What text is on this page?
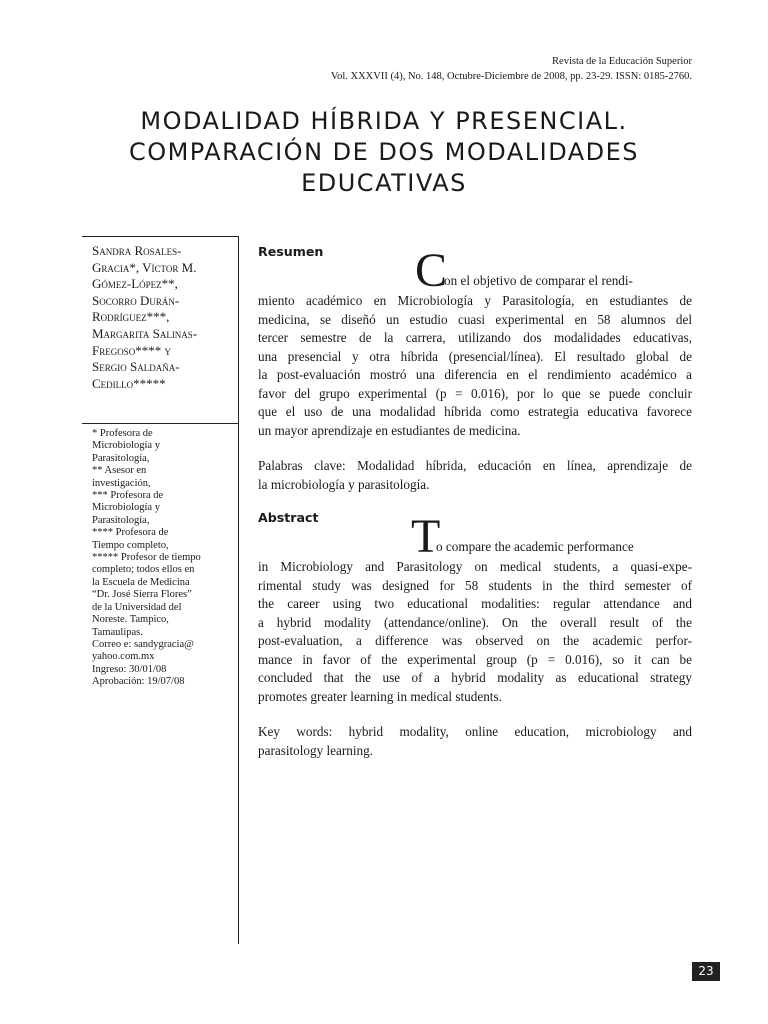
Revista de la Educación Superior
Vol. XXXVII (4), No. 148, Octubre-Diciembre de 2008, pp. 23-29. ISSN: 0185-2760.
MODALIDAD HÍBRIDA Y PRESENCIAL.
COMPARACIÓN DE DOS MODALIDADES
EDUCATIVAS
Sandra Rosales-
Gracia*, Víctor M.
Gómez-López**,
Socorro Durán-
Rodríguez***,
Margarita Salinas-
Fregoso**** y
Sergio Saldaña-
Cedillo*****
* Profesora de
Microbiología y
Parasitología,
** Asesor en
investigación,
*** Profesora de
Microbiología y
Parasitología,
**** Profesora de
Tiempo completo,
***** Profesor de tiempo
completo; todos ellos en
la Escuela de Medicina
“Dr. José Sierra Flores”
de la Universidad del
Noreste. Tampico,
Tamaulipas.
Correo e: sandygracia@
yahoo.com.mx
Ingreso: 30/01/08
Aprobación: 19/07/08
Resumen	C
on el objetivo de comparar el rendi-
miento académico en Microbiología y Parasitología, en estudiantes de
medicina, se diseñó un estudio cuasi experimental en 58 alumnos del
tercer semestre de la carrera, utilizando dos modalidades educativas,
una presencial y otra híbrida (presencial/línea). El resultado global de
la post-evaluación mostró una diferencia en el rendimiento académico a
favor del grupo experimental (p = 0.016), por lo que se puede concluir
que el uso de una modalidad híbrida como estrategia educativa favorece
un mayor aprendizaje en estudiantes de medicina.
Palabras clave: Modalidad híbrida, educación en línea, aprendizaje de
la microbiología y parasitología.
Abstract	T
o compare the academic performance
in Microbiology and Parasitology on medical students, a quasi-expe-
rimental study was designed for 58 students in the third semester of
the career using two educational modalities: regular attendance and
a hybrid modality (attendance/online). On the overall result of the
post-evaluation, a difference was observed on the academic perfor-
mance in favor of the experimental group (p = 0.016), so it can be
concluded that the use of a hybrid modality as educational strategy
promotes greater learning in medical students.
Key words: hybrid modality, online education, microbiology and
parasitology learning.
23
